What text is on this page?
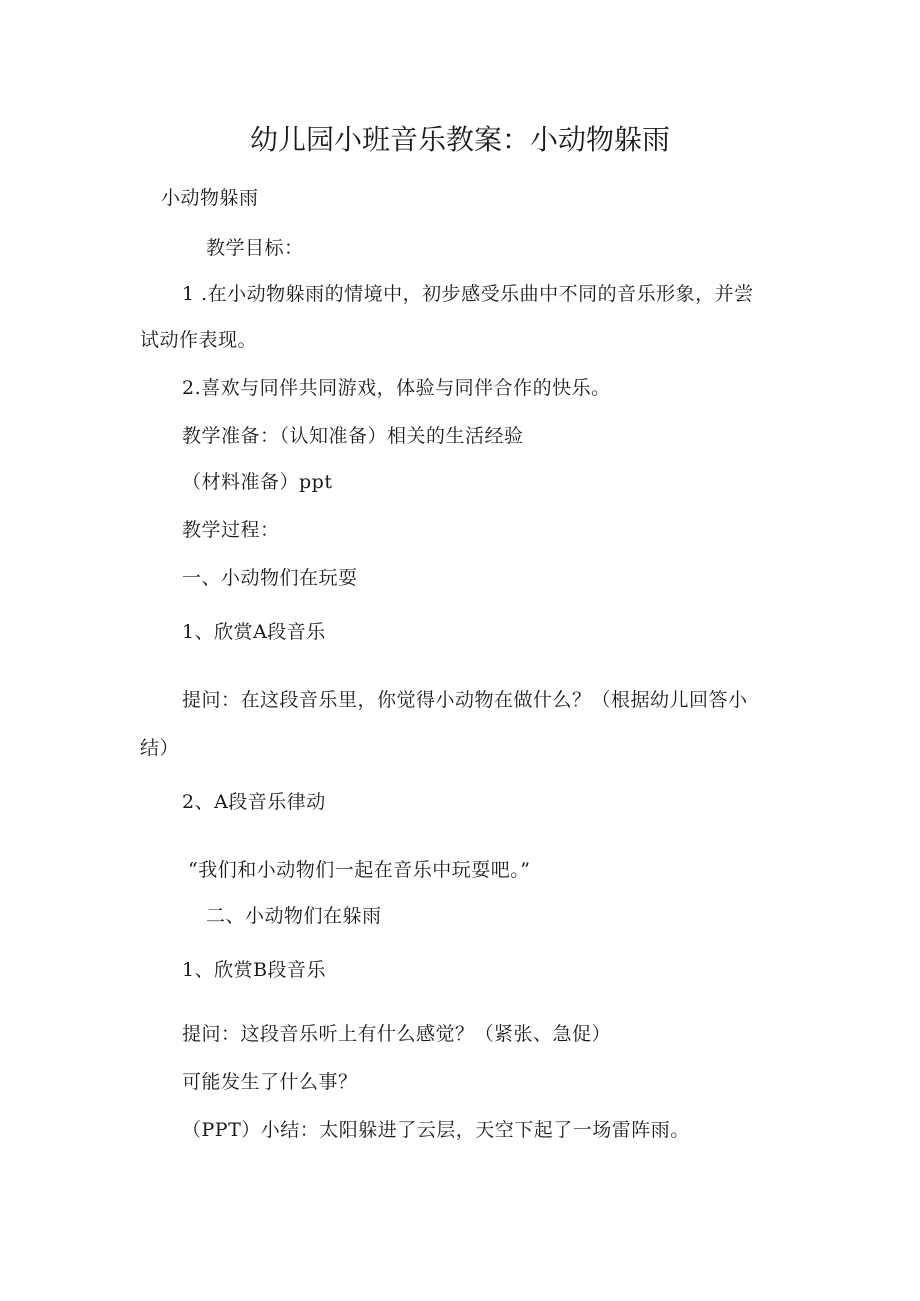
幼儿园小班音乐教案：小动物躲雨

小动物躲雨

教学目标：

1 .在小动物躲雨的情境中，初步感受乐曲中不同的音乐形象，并尝

试动作表现。

2.喜欢与同伴共同游戏，体验与同伴合作的快乐。

教学准备：（认知准备）相关的生活经验

（材料准备）ppt

教学过程：

一、小动物们在玩耍

1、欣赏A段音乐

提问：在这段音乐里，你觉得小动物在做什么？（根据幼儿回答小

结）

2、A段音乐律动

“我们和小动物们一起在音乐中玩耍吧。”

二、小动物们在躲雨

1、欣赏B段音乐

提问：这段音乐听上有什么感觉？（紧张、急促）

可能发生了什么事？

（PPT）小结：太阳躲进了云层，天空下起了一场雷阵雨。
